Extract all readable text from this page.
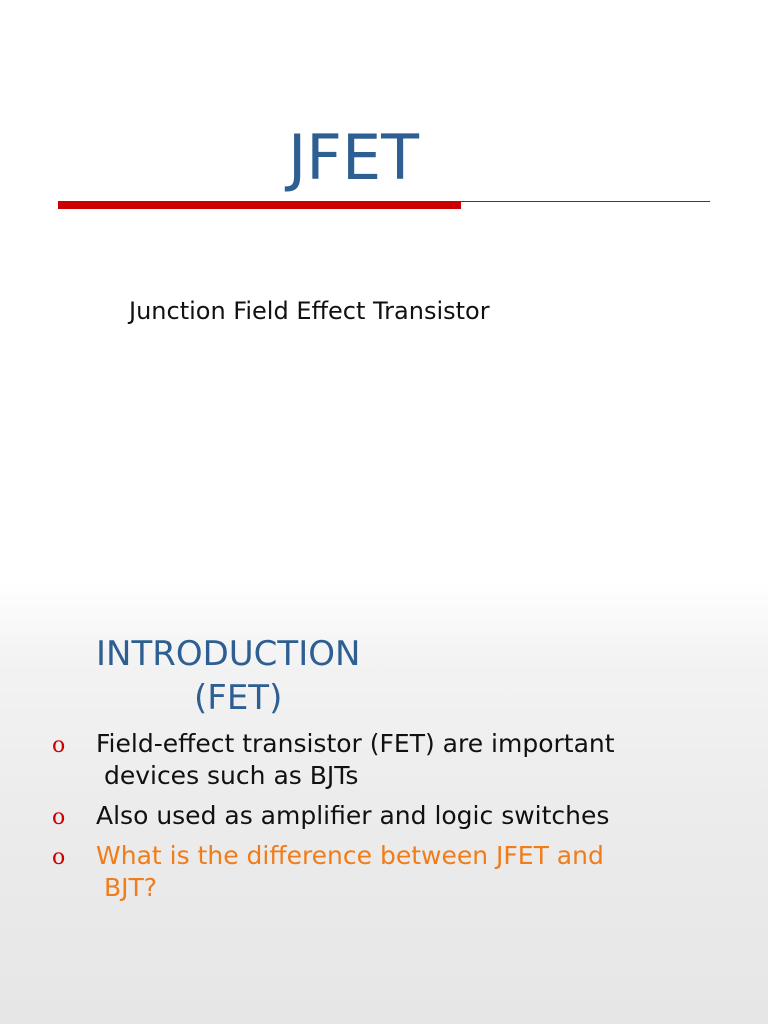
JFET
Junction Field Effect Transistor
INTRODUCTION
(FET)
o Field-effect transistor (FET) are important
devices such as BJTs
o Also used as amplifier and logic switches
o What is the difference between JFET and
BJT?
